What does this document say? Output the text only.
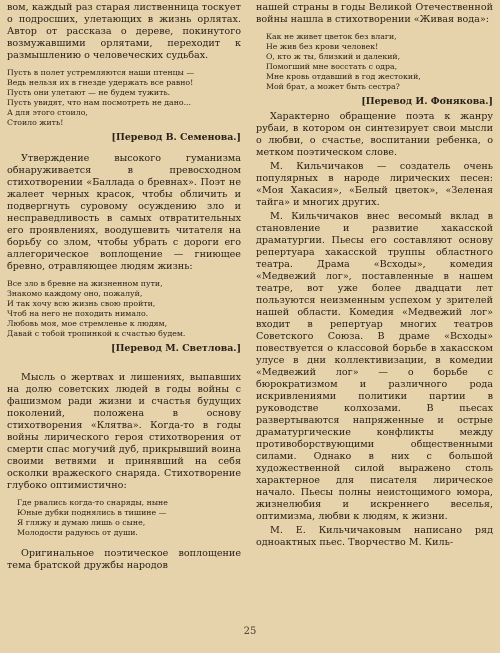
вом, каждый раз старая лиственница тоскует о подросших, улетающих в жизнь орлятах. Автор от рассказа о дереве, покинутого возмужавшими орлятами, переходит к размышлению о человеческих судьбах.

Пусть в полет устремляются наши птенцы —
Ведь нельзя их в гнезде удержать все равно!
Пусть они улетают — не будем тужить.
Пусть увидят, что нам посмотреть не дано...
А для этого стоило,
Стоило жить!

[Перевод В. Семенова.]

Утверждение высокого гуманизма обнаруживается в превосходном стихотворении «Баллада о бревнах». Поэт не жалеет черных красок, чтобы обличить и подвергнуть суровому осуждению зло и несправедливость в самых отвратительных его проявлениях, воодушевить читателя на борьбу со злом, чтобы убрать с дороги его аллегорическое воплощение — гниющее бревно, отравляющее людям жизнь:

Все зло в бревне на жизненном пути,
Знакомо каждому оно, пожалуй,
И так хочу всю жизнь свою пройти,
Чтоб на него не походить нимало.
Любовь моя, мое стремленье к людям,
Давай с тобой тропинкой к счастью будем.

[Перевод М. Светлова.]

Мысль о жертвах и лишениях, выпавших на долю советских людей в годы войны с фашизмом ради жизни и счастья будущих поколений, положена в основу стихотворения «Клятва». Когда-то в годы войны лирического героя стихотворения от смерти спас могучий дуб, прикрывший воина своими ветвями и принявший на себя осколки вражеского снаряда. Стихотворение глубоко оптимистично:

Где рвались когда-то снаряды, ныне
Юные дубки поднялись в тишине —
Я гляжу и думаю лишь о сыне,
Молодости радуюсь от души.

Оригинальное поэтическое воплощение тема братской дружбы народов

нашей страны в годы Великой Отечественной войны нашла в стихотворении «Живая вода»:

Как не живет цветок без влаги,
Не жив без крови человек!
О, кто ж ты, близкий и далекий,
Помогший мне восстать с одра,
Мне кровь отдавший в год жестокий,
Мой брат, а может быть сестра?

[Перевод И. Фонякова.]

Характерно обращение поэта к жанру рубаи, в котором он синтезирует свои мысли о любви, о счастье, воспитании ребенка, о метком поэтическом слове.

М. Кильчичаков — создатель очень популярных в народе лирических песен: «Моя Хакасия», «Белый цветок», «Зеленая тайга» и многих других.

М. Кильчичаков внес весомый вклад в становление и развитие хакасской драматургии. Пьесы его составляют основу репертуара хакасской труппы областного театра. Драма «Всходы», комедия «Медвежий лог», поставленные в нашем театре, вот уже более двадцати лет пользуются неизменным успехом у зрителей нашей области. Комедия «Медвежий лог» входит в репертуар многих театров Советского Союза. В драме «Всходы» повествуется о классовой борьбе в хакасском улусе в дни коллективизации, в комедии «Медвежий лог» — о борьбе с бюрократизмом и различного рода искривлениями политики партии в руководстве колхозами. В пьесах развертываются напряженные и острые драматургические конфликты между противоборствующими общественными силами. Однако в них с большой художественной силой выражено столь характерное для писателя лирическое начало. Пьесы полны неистощимого юмора, жизнелюбия и искреннего веселья, оптимизма, любви к людям, к жизни.

М. Е. Кильчичаковым написано ряд одноактных пьес. Творчество М. Киль-

25
